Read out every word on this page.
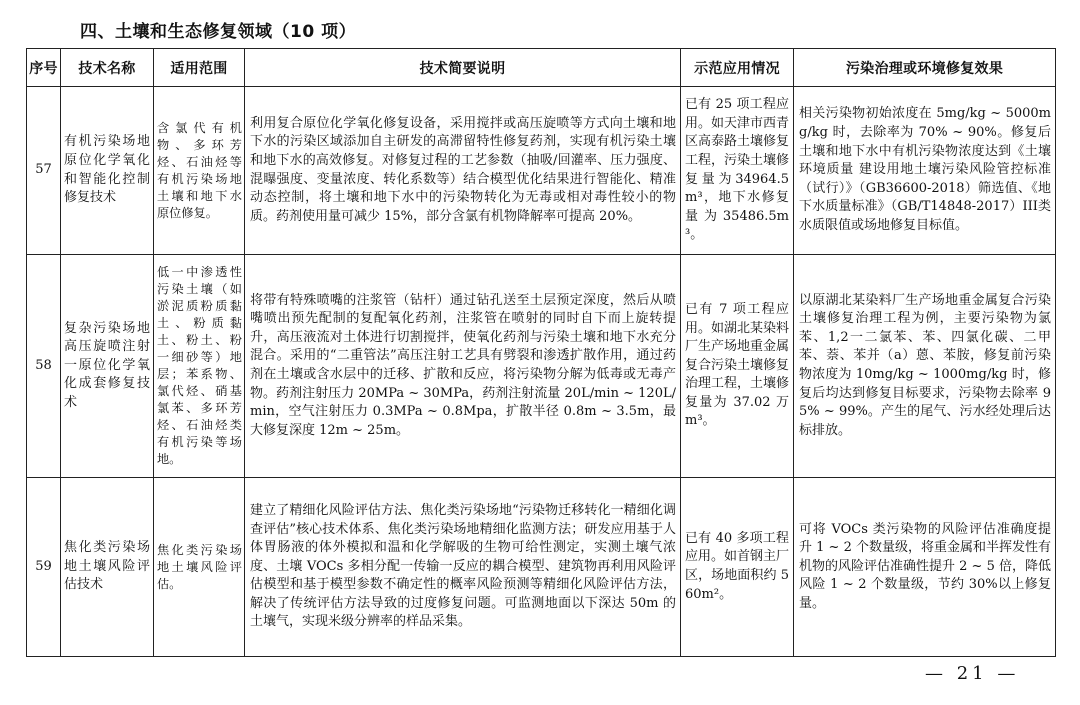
四、土壤和生态修复领域（10 项）
序号	技术名称	适用范围	技术简要说明	示范应用情况	污染治理或环境修复效果
57	有机污染场地原位化学氧化和智能化控制修复技术	含氯代有机物、多环芳烃、石油烃等有机污染场地土壤和地下水原位修复。	利用复合原位化学氧化修复设备，采用搅拌或高压旋喷等方式向土壤和地下水的污染区域添加自主研发的高滞留特性修复药剂，实现有机污染土壤和地下水的高效修复。对修复过程的工艺参数（抽吸/回灌率、压力强度、混曝强度、变量浓度、转化系数等）结合模型优化结果进行智能化、精准动态控制，将土壤和地下水中的污染物转化为无毒或相对毒性较小的物质。药剂使用量可减少 15%，部分含氯有机物降解率可提高 20%。	已有 25 项工程应用。如天津市西青区高泰路土壤修复工程，污染土壤修复量为34964.5m³，地下水修复量为35486.5m³。	相关污染物初始浓度在 5mg/kg ~ 5000mg/kg 时，去除率为 70% ~ 90%。修复后土壤和地下水中有机污染物浓度达到《土壤环境质量 建设用地土壤污染风险管控标准（试行）》（GB36600-2018）筛选值、《地下水质量标准》（GB/T14848-2017）III类水质限值或场地修复目标值。

58	复杂污染场地高压旋喷注射一原位化学氧化成套修复技术	低一中渗透性污染土壤（如淤泥质粉质黏土、粉质黏土、粉土、粉一细砂等）地层；苯系物、氯代烃、硝基氯苯、多环芳烃、石油烃类有机污染等场地。	将带有特殊喷嘴的注浆管（钻杆）通过钻孔送至土层预定深度，然后从喷嘴喷出预先配制的复配氧化药剂，注浆管在喷射的同时自下而上旋转提升，高压液流对土体进行切割搅拌，使氧化药剂与污染土壤和地下水充分混合。采用的“二重管法”高压注射工艺具有劈裂和渗透扩散作用，通过药剂在土壤或含水层中的迁移、扩散和反应，将污染物分解为低毒或无毒产物。药剂注射压力 20MPa ~ 30MPa，药剂注射流量 20L/min ~ 120L/min，空气注射压力 0.3MPa ~ 0.8Mpa，扩散半径 0.8m ~ 3.5m，最大修复深度 12m ~ 25m。	已有 7 项工程应用。如湖北某染料厂生产场地重金属复合污染土壤修复治理工程，土壤修复量为 37.02 万 m³。	以原湖北某染料厂生产场地重金属复合污染土壤修复治理工程为例，主要污染物为氯苯、1,2一二氯苯、苯、四氯化碳、二甲苯、萘、苯并（a）蒽、苯胺，修复前污染物浓度为 10mg/kg ~ 1000mg/kg 时，修复后均达到修复目标要求，污染物去除率 95% ~ 99%。产生的尾气、污水经处理后达标排放。

59	焦化类污染场地土壤风险评估技术	焦化类污染场地土壤风险评估。	建立了精细化风险评估方法、焦化类污染场地“污染物迁移转化一精细化调查评估”核心技术体系、焦化类污染场地精细化监测方法；研发应用基于人体胃肠液的体外模拟和温和化学解吸的生物可给性测定，实测土壤气浓度、土壤 VOCs 多相分配一传输一反应的耦合模型、建筑物再利用风险评估模型和基于模型参数不确定性的概率风险预测等精细化风险评估方法，解决了传统评估方法导致的过度修复问题。可监测地面以下深达 50m 的土壤气，实现米级分辨率的样品采集。	已有 40 多项工程应用。如首钢主厂区，场地面积约 560m²。	可将 VOCs 类污染物的风险评估准确度提升 1 ~ 2 个数量级，将重金属和半挥发性有机物的风险评估准确性提升 2 ~ 5 倍，降低风险 1 ~ 2 个数量级，节约 30%以上修复量。
— 21 —
